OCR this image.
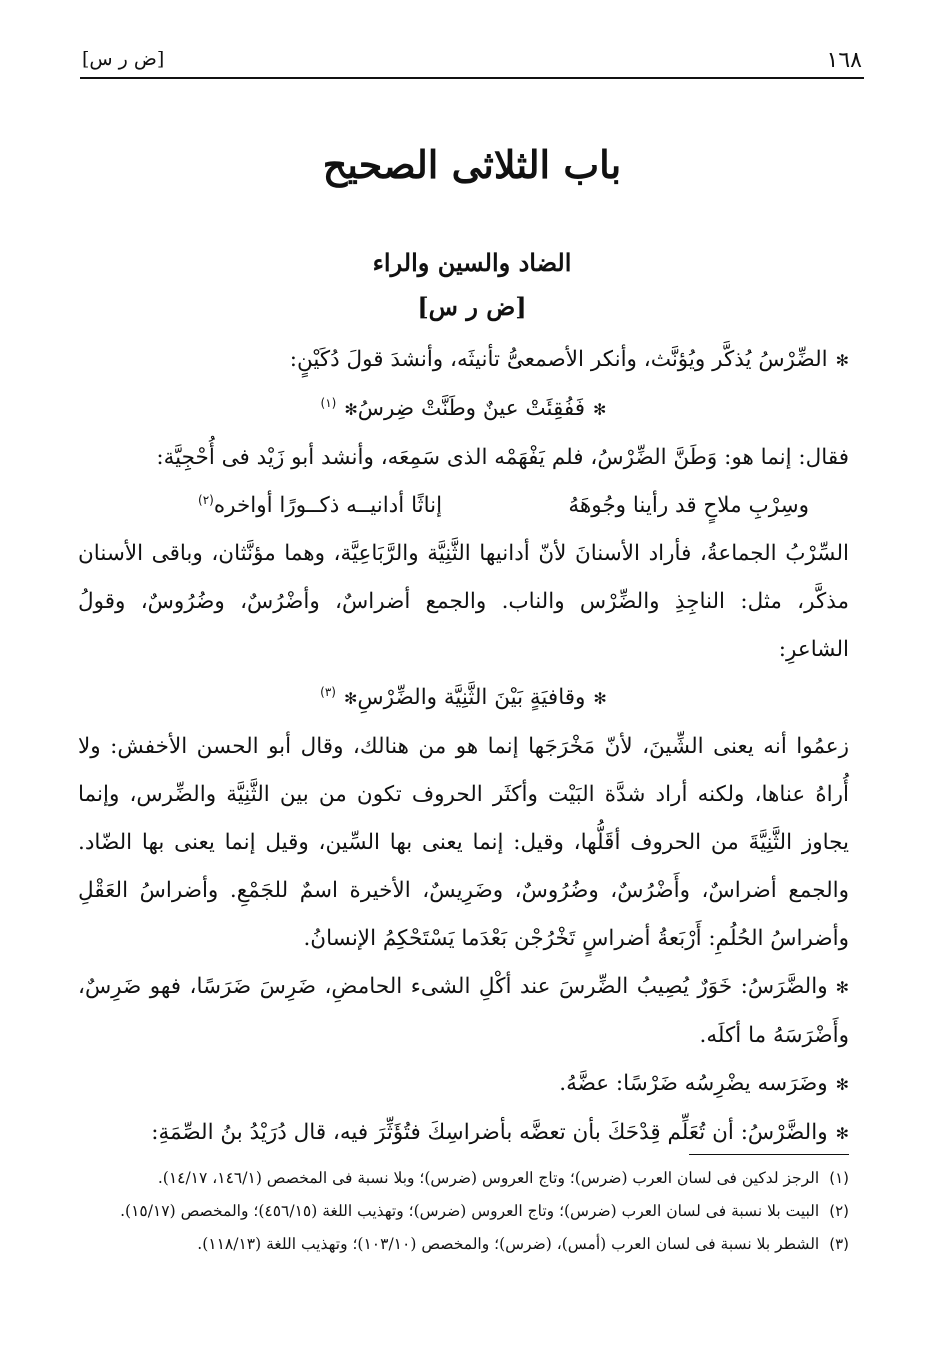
١٦٨
[ض ر س]
باب الثلاثى الصحيح
الضاد والسين والراء
[ض ر س]

✻الضِّرْسُ يُذكَّر ويُؤنَّث، وأنكر الأصمعىُّ تأنيثَه، وأنشدَ قولَ دُكَيْنٍ:

✻فَفُقِئَتْ عينٌ وطَنَّتْ ضِرسُ✻$^{(١)}$

فقال: إنما هو: وَطَنَّ الضِّرْسُ، فلم يَفْهَمْه الذى سَمِعَه، وأنشد أبو زَيْد فى أُحْجِيَّة:

وسِرْبِ ملاحٍ قد رأينا وجُوهَهُ
إناثًا أدانيــه ذكــورًا أواخره$^{(٢)}$

السِّرْبُ الجماعةُ، فأراد الأسنانَ لأنّ أدانيها الثَّنِيَّة والرَّبَاعِيَّة، وهما مؤنَّثان، وباقى الأسنان مذكَّر، مثل: الناجِذِ والضِّرْس والناب. والجمع أضراسٌ، وأضْرُسٌ، وضُرُوسٌ، وقولُ الشاعرِ:

✻وقافيَةٍ بَيْنَ الثَّنِيَّة والضِّرْسِ✻$^{(٣)}$

زعمُوا أنه يعنى الشِّينَ، لأنّ مَخْرَجَها إنما هو من هنالك، وقال أبو الحسن الأخفش: ولا أُراهُ عناها، ولكنه أراد شدَّة البَيْت وأكثَر الحروف تكون من بين الثَّنِيَّة والضِّرس، وإنما يجاوز الثَّنِيَّةَ من الحروف أقَلُّها، وقيل: إنما يعنى بها السِّين، وقيل إنما يعنى بها الضّاد. والجمع أضراسٌ، وأَضْرُسٌ، وضُرُوسٌ، وضَرِيسٌ، الأخيرة اسمٌ للجَمْعِ. وأضراسُ العَقْلِ وأضراسُ الحُلُمِ: أَرْبَعةُ أضراسٍ تَخْرُجْن بَعْدَما يَسْتَحْكِمُ الإنسانُ.

✻والضَّرَسُ: خَوَرٌ يُصِيبُ الضِّرسَ عند أكْلِ الشىء الحامضِ، ضَرِسَ ضَرَسًا، فهو ضَرِسٌ، وأَضْرَسَهُ ما أكلَه.

✻وضَرَسه يضْرِسُه ضَرْسًا: عضَّهُ.

✻والضَّرْسُ: أن تُعَلِّم قِدْحَكَ بأن تعضَّه بأضراسِكَ فتُؤَثِّرَ فيه، قال دُرَيْدُ بنُ الصِّمَةِ:

(١)
الرجز لدكين فى لسان العرب (ضرس)؛ وتاج العروس (ضرس)؛ وبلا نسبة فى المخصص (١٤٦/١، ١٤/١٧).
(٢)
البيت بلا نسبة فى لسان العرب (ضرس)؛ وتاج العروس (ضرس)؛ وتهذيب اللغة (٤٥٦/١٥)؛ والمخصص (١٥/١٧).
(٣)
الشطر بلا نسبة فى لسان العرب (أمس)، (ضرس)؛ والمخصص (١٠٣/١٠)؛ وتهذيب اللغة (١١٨/١٣).
